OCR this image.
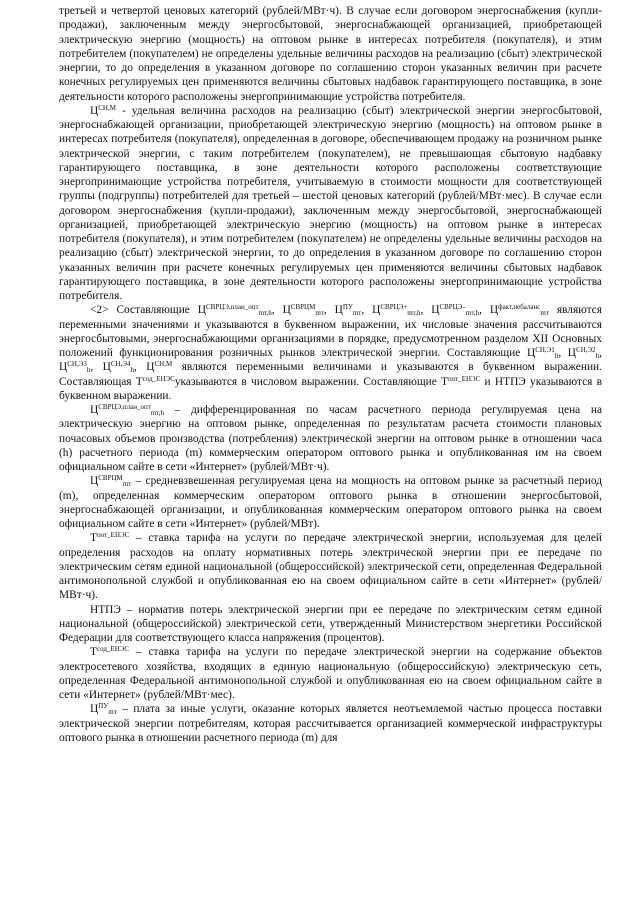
третьей и четвертой ценовых категорий (рублей/МВт·ч). В случае если договором энергоснабжения (купли-продажи), заключенным между энергосбытовой, энергоснабжающей организацией, приобретающей электрическую энергию (мощность) на оптовом рынке в интересах потребителя (покупателя), и этим потребителем (покупателем) не определены удельные величины расходов на реализацию (сбыт) электрической энергии, то до определения в указанном договоре по соглашению сторон указанных величин при расчете конечных регулируемых цен применяются величины сбытовых надбавок гарантирующего поставщика, в зоне деятельности которого расположены энергопринимающие устройства потребителя.

$Ц^{СН,М}$ - удельная величина расходов на реализацию (сбыт) электрической энергии энергосбытовой, энергоснабжающей организации, приобретающей электрическую энергию (мощность) на оптовом рынке в интересах потребителя (покупателя), определенная в договоре, обеспечивающем продажу на розничном рынке электрической энергии, с таким потребителем (покупателем), не превышающая сбытовую надбавку гарантирующего поставщика, в зоне деятельности которого расположены соответствующие энергопринимающие устройства потребителя, учитываемую в стоимости мощности для соответствующей группы (подгруппы) потребителей для третьей – шестой ценовых категорий (рублей/МВт·мес). В случае если договором энергоснабжения (купли-продажи), заключенным между энергосбытовой, энергоснабжающей организацией, приобретающей электрическую энергию (мощность) на оптовом рынке в интересах потребителя (покупателя), и этим потребителем (покупателем) не определены удельные величины расходов на реализацию (сбыт) электрической энергии, то до определения в указанном договоре по соглашению сторон указанных величин при расчете конечных регулируемых цен применяются величины сбытовых надбавок гарантирующего поставщика, в зоне деятельности которого расположены энергопринимающие устройства потребителя.

<2> Составляющие $Ц^{СВРЦЭ,план\_опт}_{mт,h}$, $Ц^{СВРЦМ}_{mт}$, $Ц^{ПУ}_{mт}$, $Ц^{СВРЦЭ+}_{mт,h}$, $Ц^{СВРЦЭ-}_{mт,h}$, $Ц^{факт,небаланс}_{mт}$ являются переменными значениями и указываются в буквенном выражении, их числовые значения рассчитываются энергосбытовыми, энергоснабжающими организациями в порядке, предусмотренном разделом XII Основных положений функционирования розничных рынков электрической энергии. Составляющие $Ц^{СН,Э1}_h$, $Ц^{СН,Э2}_h$, $Ц^{СН,Э3}_h$, $Ц^{СН,Э4}_h$, $Ц^{СН,М}$ являются переменными величинами и указываются в буквенном выражении. Составляющая $Т^{сод\_ЕНЭС}указываются$ в числовом выражении. Составляющие $Т^{пот\_ЕНЭС}$ и НТПЭ указываются в буквенном выражении.

$Ц^{СВРЦЭ,план\_опт}_{mт,h}$ – дифференцированная по часам расчетного периода регулируемая цена на электрическую энергию на оптовом рынке, определенная по результатам расчета стоимости плановых почасовых объемов производства (потребления) электрической энергии на оптовом рынке в отношении часа (h) расчетного периода (m) коммерческим оператором оптового рынка и опубликованная им на своем официальном сайте в сети «Интернет» (рублей/МВт·ч).

$Ц^{СВРЦМ}_{mт}$ – средневзвешенная регулируемая цена на мощность на оптовом рынке за расчетный период (m), определенная коммерческим оператором оптового рынка в отношении энергосбытовой, энергоснабжающей организации, и опубликованная коммерческим оператором оптового рынка на своем официальном сайте в сети «Интернет» (рублей/МВт).

$Т^{пот\_ЕНЭС}$ – ставка тарифа на услуги по передаче электрической энергии, используемая для целей определения расходов на оплату нормативных потерь электрической энергии при ее передаче по электрическим сетям единой национальной (общероссийской) электрической сети, определенная Федеральной антимонопольной службой и опубликованная ею на своем официальном сайте в сети «Интернет» (рублей/МВт·ч).

НТПЭ – норматив потерь электрической энергии при ее передаче по электрическим сетям единой национальной (общероссийской) электрической сети, утвержденный Министерством энергетики Российской Федерации для соответствующего класса напряжения (процентов).

$Т^{сод\_ЕНЭС}$ – ставка тарифа на услуги по передаче электрической энергии на содержание объектов электросетевого хозяйства, входящих в единую национальную (общероссийскую) электрическую сеть, определенная Федеральной антимонопольной службой и опубликованная ею на своем официальном сайте в сети «Интернет» (рублей/МВт·мес).

$Ц^{ПУ}_{mт}$ – плата за иные услуги, оказание которых является неотъемлемой частью процесса поставки электрической энергии потребителям, которая рассчитывается организацией коммерческой инфраструктуры оптового рынка в отношении расчетного периода (m) для
